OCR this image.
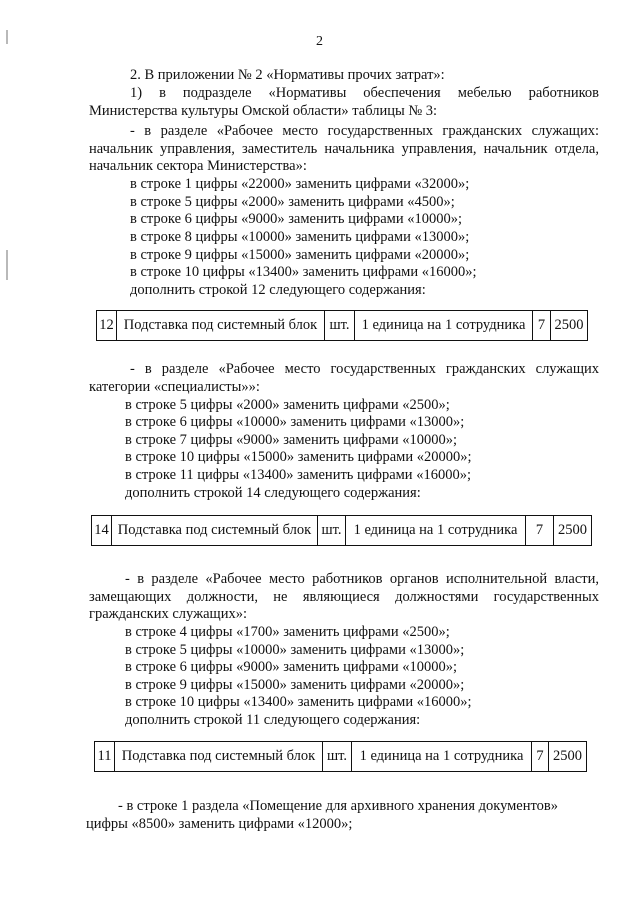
2
2. В приложении № 2 «Нормативы прочих затрат»:
1) в подразделе «Нормативы обеспечения мебелью работников
Министерства культуры Омской области» таблицы № 3:
- в разделе «Рабочее место государственных гражданских служащих:
начальник управления, заместитель начальника управления, начальник отдела,
начальник сектора Министерства»:
в строке 1 цифры «22000» заменить цифрами «32000»;
в строке 5 цифры «2000» заменить цифрами «4500»;
в строке 6 цифры «9000» заменить цифрами «10000»;
в строке 8 цифры «10000» заменить цифрами «13000»;
в строке 9 цифры «15000» заменить цифрами «20000»;
в строке 10 цифры «13400» заменить цифрами «16000»;
дополнить строкой 12 следующего содержания:
12	Подставка под системный блок	шт.	1 единица на 1 сотрудника	7	2500
- в разделе «Рабочее место государственных гражданских служащих
категории «специалисты»»:
в строке 5 цифры «2000» заменить цифрами «2500»;
в строке 6 цифры «10000» заменить цифрами «13000»;
в строке 7 цифры «9000» заменить цифрами «10000»;
в строке 10 цифры «15000» заменить цифрами «20000»;
в строке 11 цифры «13400» заменить цифрами «16000»;
дополнить строкой 14 следующего содержания:
14	Подставка под системный блок	шт.	1 единица на 1 сотрудника	7	2500
- в разделе «Рабочее место работников органов исполнительной власти,
замещающих должности, не являющиеся должностями государственных
гражданских служащих»:
в строке 4 цифры «1700» заменить цифрами «2500»;
в строке 5 цифры «10000» заменить цифрами «13000»;
в строке 6 цифры «9000» заменить цифрами «10000»;
в строке 9 цифры «15000» заменить цифрами «20000»;
в строке 10 цифры «13400» заменить цифрами «16000»;
дополнить строкой 11 следующего содержания:
11	Подставка под системный блок	шт.	1 единица на 1 сотрудника	7	2500
- в строке 1 раздела «Помещение для архивного хранения документов»
цифры «8500» заменить цифрами «12000»;
